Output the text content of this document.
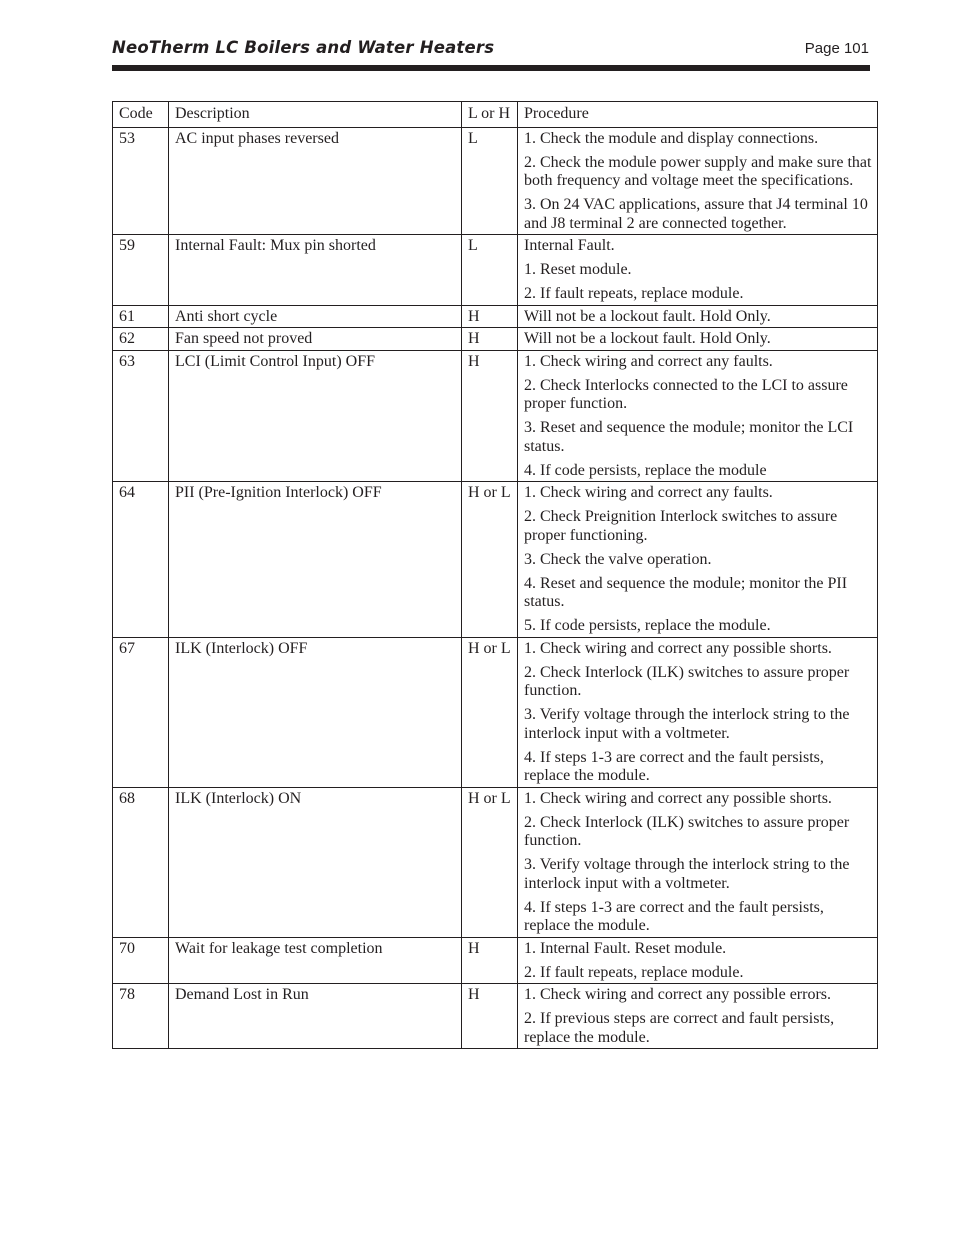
NeoTherm LC Boilers and Water Heaters	Page 101
Code	Description	L or H	Procedure
53	AC input phases reversed	L	1. Check the module and display connections.
2. Check the module power supply and make sure that both frequency and voltage meet the specifications.
3. On 24 VAC applications, assure that J4 terminal 10 and J8 terminal 2 are connected together.

59	Internal Fault: Mux pin shorted	L	Internal Fault.
1. Reset module.
2. If fault repeats, replace module.

61	Anti short cycle	H	Will not be a lockout fault. Hold Only.

62	Fan speed not proved	H	Will not be a lockout fault. Hold Only.

63	LCI (Limit Control Input) OFF	H	1. Check wiring and correct any faults.
2. Check Interlocks connected to the LCI to assure proper function.
3. Reset and sequence the module; monitor the LCI status.
4. If code persists, replace the module

64	PII (Pre-Ignition Interlock) OFF	H or L	1. Check wiring and correct any faults.
2. Check Preignition Interlock switches to assure proper functioning.
3. Check the valve operation.
4. Reset and sequence the module; monitor the PII status.
5. If code persists, replace the module.

67	ILK (Interlock) OFF	H or L	1. Check wiring and correct any possible shorts.
2. Check Interlock (ILK) switches to assure proper function.
3. Verify voltage through the interlock string to the interlock input with a voltmeter.
4. If steps 1-3 are correct and the fault persists, replace the module.

68	ILK (Interlock) ON	H or L	1. Check wiring and correct any possible shorts.
2. Check Interlock (ILK) switches to assure proper function.
3. Verify voltage through the interlock string to the interlock input with a voltmeter.
4. If steps 1-3 are correct and the fault persists, replace the module.

70	Wait for leakage test completion	H	1. Internal Fault. Reset module.
2. If fault repeats, replace module.

78	Demand Lost in Run	H	1. Check wiring and correct any possible errors.
2. If previous steps are correct and fault persists, replace the module.
